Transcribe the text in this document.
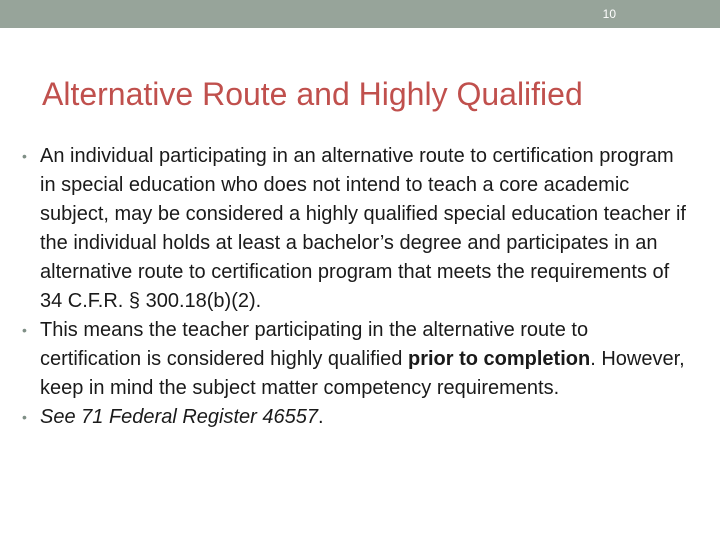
10
Alternative Route and Highly Qualified
• An individual participating in an alternative route to certification program in special education who does not intend to teach a core academic subject, may be considered a highly qualified special education teacher if the individual holds at least a bachelor’s degree and participates in an alternative route to certification program that meets the requirements of 34 C.F.R. § 300.18(b)(2).
• This means the teacher participating in the alternative route to certification is considered highly qualified prior to completion. However, keep in mind the subject matter competency requirements.
• See 71 Federal Register 46557.
